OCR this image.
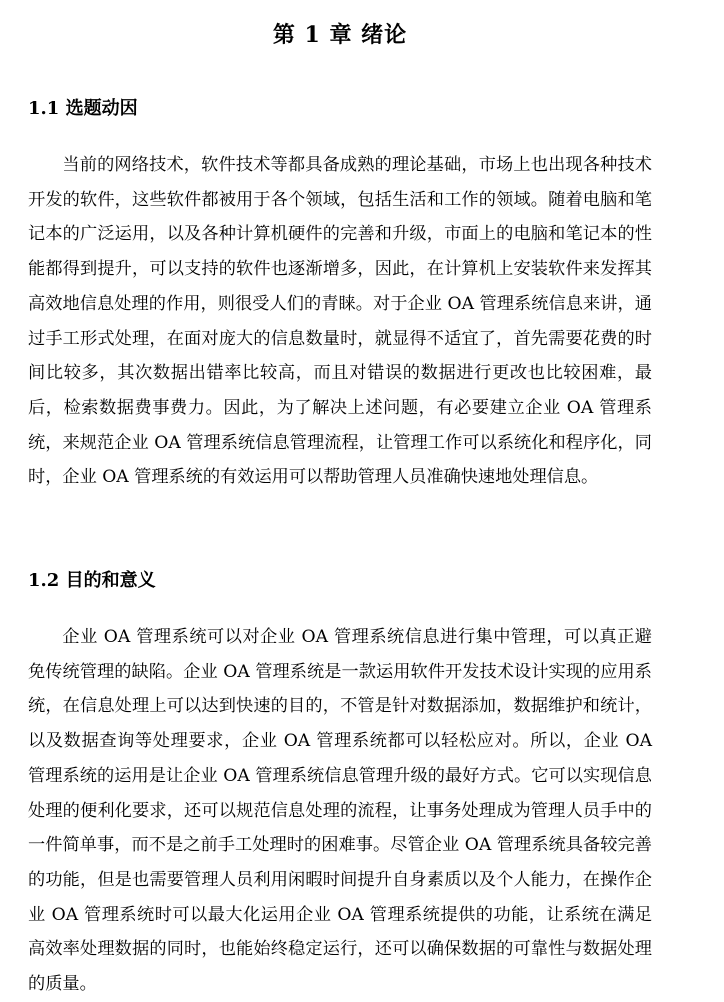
第 1 章 绪论
1.1 选题动因

当前的网络技术，软件技术等都具备成熟的理论基础，市场上也出现各种技术开发的软件，这些软件都被用于各个领域，包括生活和工作的领域。随着电脑和笔记本的广泛运用，以及各种计算机硬件的完善和升级，市面上的电脑和笔记本的性能都得到提升，可以支持的软件也逐渐增多，因此，在计算机上安装软件来发挥其高效地信息处理的作用，则很受人们的青睐。对于企业 OA 管理系统信息来讲，通过手工形式处理，在面对庞大的信息数量时，就显得不适宜了，首先需要花费的时间比较多，其次数据出错率比较高，而且对错误的数据进行更改也比较困难，最后，检索数据费事费力。因此，为了解决上述问题，有必要建立企业 OA 管理系统，来规范企业 OA 管理系统信息管理流程，让管理工作可以系统化和程序化，同时，企业 OA 管理系统的有效运用可以帮助管理人员准确快速地处理信息。

1.2 目的和意义

企业 OA 管理系统可以对企业 OA 管理系统信息进行集中管理，可以真正避免传统管理的缺陷。企业 OA 管理系统是一款运用软件开发技术设计实现的应用系统，在信息处理上可以达到快速的目的，不管是针对数据添加，数据维护和统计，以及数据查询等处理要求，企业 OA 管理系统都可以轻松应对。所以，企业 OA 管理系统的运用是让企业 OA 管理系统信息管理升级的最好方式。它可以实现信息处理的便利化要求，还可以规范信息处理的流程，让事务处理成为管理人员手中的一件简单事，而不是之前手工处理时的困难事。尽管企业 OA 管理系统具备较完善的功能，但是也需要管理人员利用闲暇时间提升自身素质以及个人能力，在操作企业 OA 管理系统时可以最大化运用企业 OA 管理系统提供的功能，让系统在满足高效率处理数据的同时，也能始终稳定运行，还可以确保数据的可靠性与数据处理的质量。
